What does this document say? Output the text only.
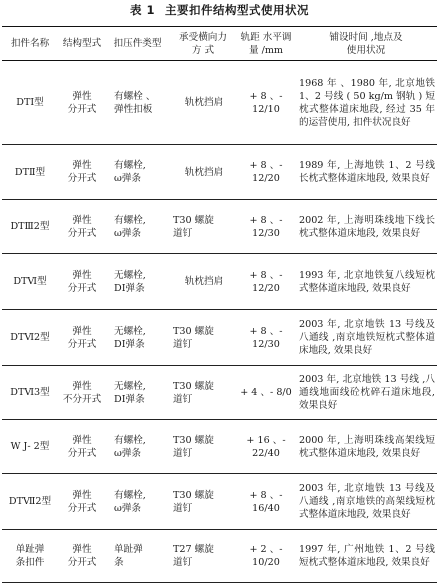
表 1 主要扣件结构型式使用状况
扣件名称	结构型式	扣压件类型
承受横向力
方 式
轨距 水平调
量 /mm
铺设时间 ,地点及
使用状况
DTI型
弹性
分开式
有螺栓 、
弹性扣板
轨枕挡肩
+ 8 、- 12/10
1968 年 、1980 年, 北京地铁 1、2 号线 ( 50 kg/m 钢轨 ) 短枕式整体道床地段, 经过 35 年的运营使用, 扣件状况良好
DTⅡ型
弹性
分开式
有螺栓,
ω弹条
轨枕挡肩
+ 8 、- 12/20
1989 年, 上海地铁 1、2 号线长枕式整体道床地段, 效果良好
DTⅢ2型
弹性
分开式
有螺栓,
ω弹条
T30 螺旋
道钉
+ 8 、- 12/30
2002 年, 上海明珠线地下线长枕式整体道床地段, 效果良好
DTⅥ型
弹性
分开式
无螺栓,
DI弹条
轨枕挡肩
+ 8 、- 12/20
1993 年, 北京地铁复八线短枕式整体道床地段, 效果良好
DTⅥ2型
弹性
分开式
无螺栓,
DI弹条
T30 螺旋
道钉
+ 8 、- 12/30
2003 年, 北京地铁 13 号线及八通线 ,南京地铁短枕式整体道床地段, 效果良好
DTⅥ3型
弹性
不分开式
无螺栓,
DI弹条
T30 螺旋
道钉
+ 4 、- 8/0
2003 年, 北京地铁 13 号线 ,八通线地面线砼枕碎石道床地段, 效果良好
W J- 2型
弹性
分开式
有螺栓,
ω弹条
T30 螺旋
道钉
+ 16 、- 22/40
2000 年, 上海明珠线高架线短枕式整体道床地段, 效果良好
DTⅦ2型
弹性
分开式
有螺栓,
ω弹条
T30 螺旋
道钉
+ 8 、- 16/40
2003 年, 北京地铁 13 号线及八通线 ,南京地铁的高架线短枕式整体道床地段, 效果良好
单趾弹
条扣件
弹性
分开式
单趾弹
条
T27 螺旋
道钉
+ 2 、- 10/20
1997 年, 广州地铁 1、2 号线短枕式整体道床地段, 效果良好
